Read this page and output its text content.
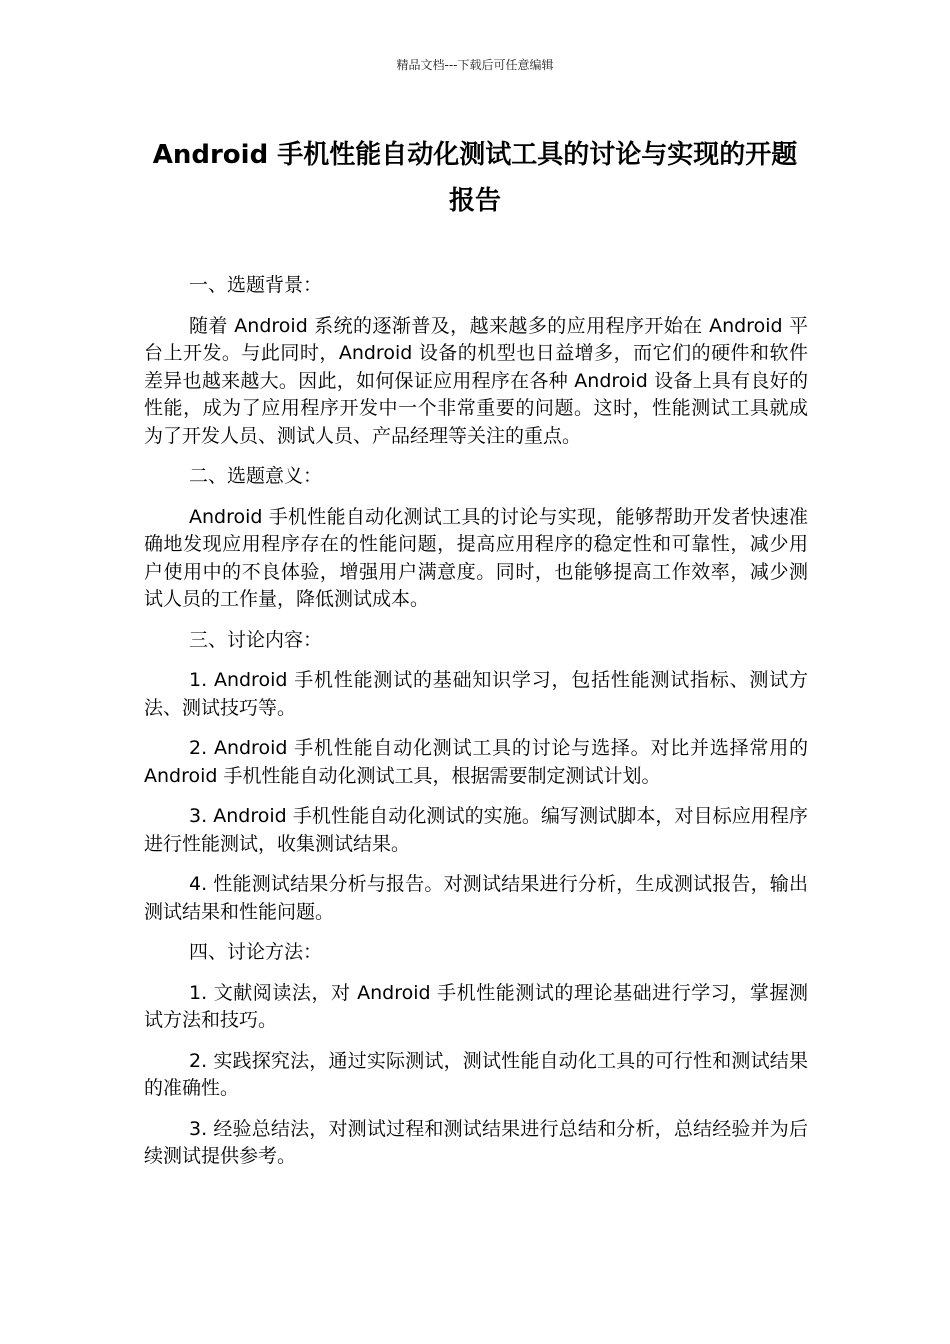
精品文档---下载后可任意编辑
Android 手机性能自动化测试工具的讨论与实现的开题报告

一、选题背景：

随着 Android 系统的逐渐普及，越来越多的应用程序开始在 Android 平台上开发。与此同时，Android 设备的机型也日益增多，而它们的硬件和软件差异也越来越大。因此，如何保证应用程序在各种 Android 设备上具有良好的性能，成为了应用程序开发中一个非常重要的问题。这时，性能测试工具就成为了开发人员、测试人员、产品经理等关注的重点。

二、选题意义：

Android 手机性能自动化测试工具的讨论与实现，能够帮助开发者快速准确地发现应用程序存在的性能问题，提高应用程序的稳定性和可靠性，减少用户使用中的不良体验，增强用户满意度。同时，也能够提高工作效率，减少测试人员的工作量，降低测试成本。

三、讨论内容：

1. Android 手机性能测试的基础知识学习，包括性能测试指标、测试方法、测试技巧等。

2. Android 手机性能自动化测试工具的讨论与选择。对比并选择常用的 Android 手机性能自动化测试工具，根据需要制定测试计划。

3. Android 手机性能自动化测试的实施。编写测试脚本，对目标应用程序进行性能测试，收集测试结果。

4. 性能测试结果分析与报告。对测试结果进行分析，生成测试报告，输出测试结果和性能问题。

四、讨论方法：

1. 文献阅读法，对 Android 手机性能测试的理论基础进行学习，掌握测试方法和技巧。

2. 实践探究法，通过实际测试，测试性能自动化工具的可行性和测试结果的准确性。

3. 经验总结法，对测试过程和测试结果进行总结和分析，总结经验并为后续测试提供参考。
